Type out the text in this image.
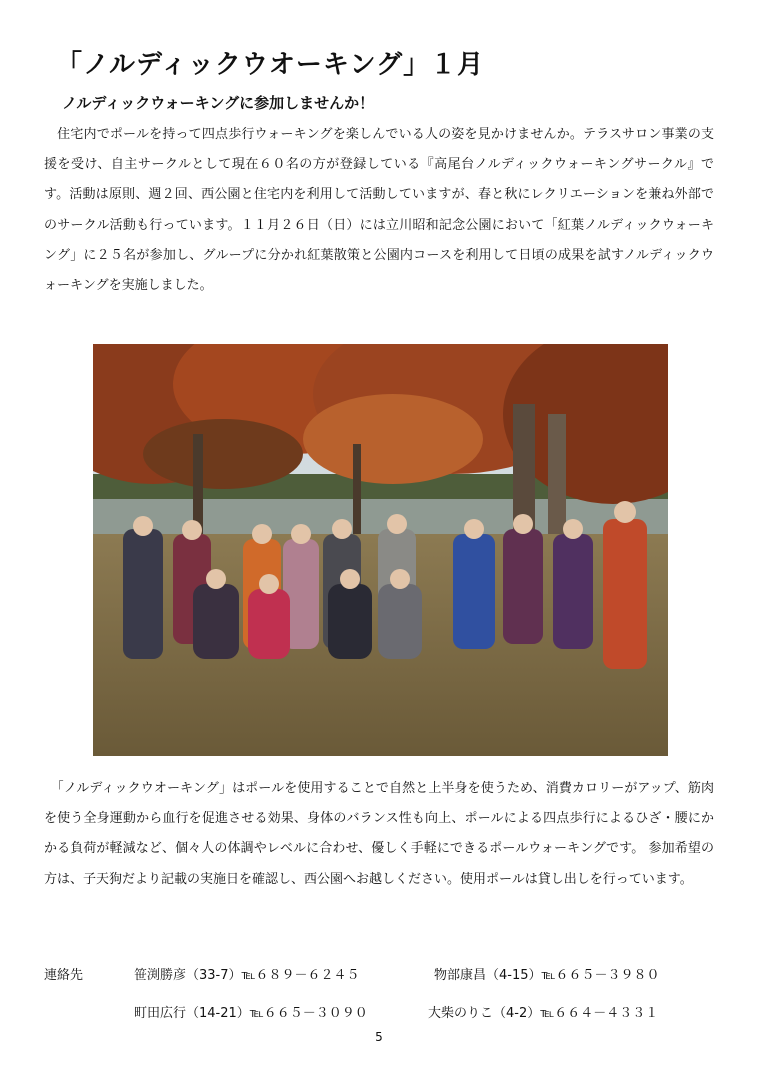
「ノルディックウオーキング」１月
ノルディックウォーキングに参加しませんか！

　住宅内でポールを持って四点歩行ウォーキングを楽しんでいる人の姿を見かけませんか。テラスサロン事業の支援を受け、自主サークルとして現在６０名の方が登録している『高尾台ノルディックウォーキングサークル』です。活動は原則、週２回、西公園と住宅内を利用して活動していますが、春と秋にレクリエーションを兼ね外部でのサークル活動も行っています。１１月２６日（日）には立川昭和記念公園において「紅葉ノルディックウォーキング」に２５名が参加し、グループに分かれ紅葉散策と公園内コースを利用して日頃の成果を試すノルディックウォーキングを実施しました。

　「ノルディックウオーキング」はポールを使用することで自然と上半身を使うため、消費カロリーがアップ、筋肉を使う全身運動から血行を促進させる効果、身体のバランス性も向上、ポールによる四点歩行によるひざ・腰にかかる負荷が軽減など、個々人の体調やレベルに合わせ、優しく手軽にできるポールウォーキングです。 参加希望の方は、子天狗だより記載の実施日を確認し、西公園へお越しください。使用ポールは貸し出しを行っています。

連絡先	笹渕勝彦（33-7）℡６８９－６２４５	物部康昌（4-15）℡６６５－３９８０
町田広行（14-21）℡６６５－３０９０	大柴のりこ（4-2）℡６６４－４３３１
5
